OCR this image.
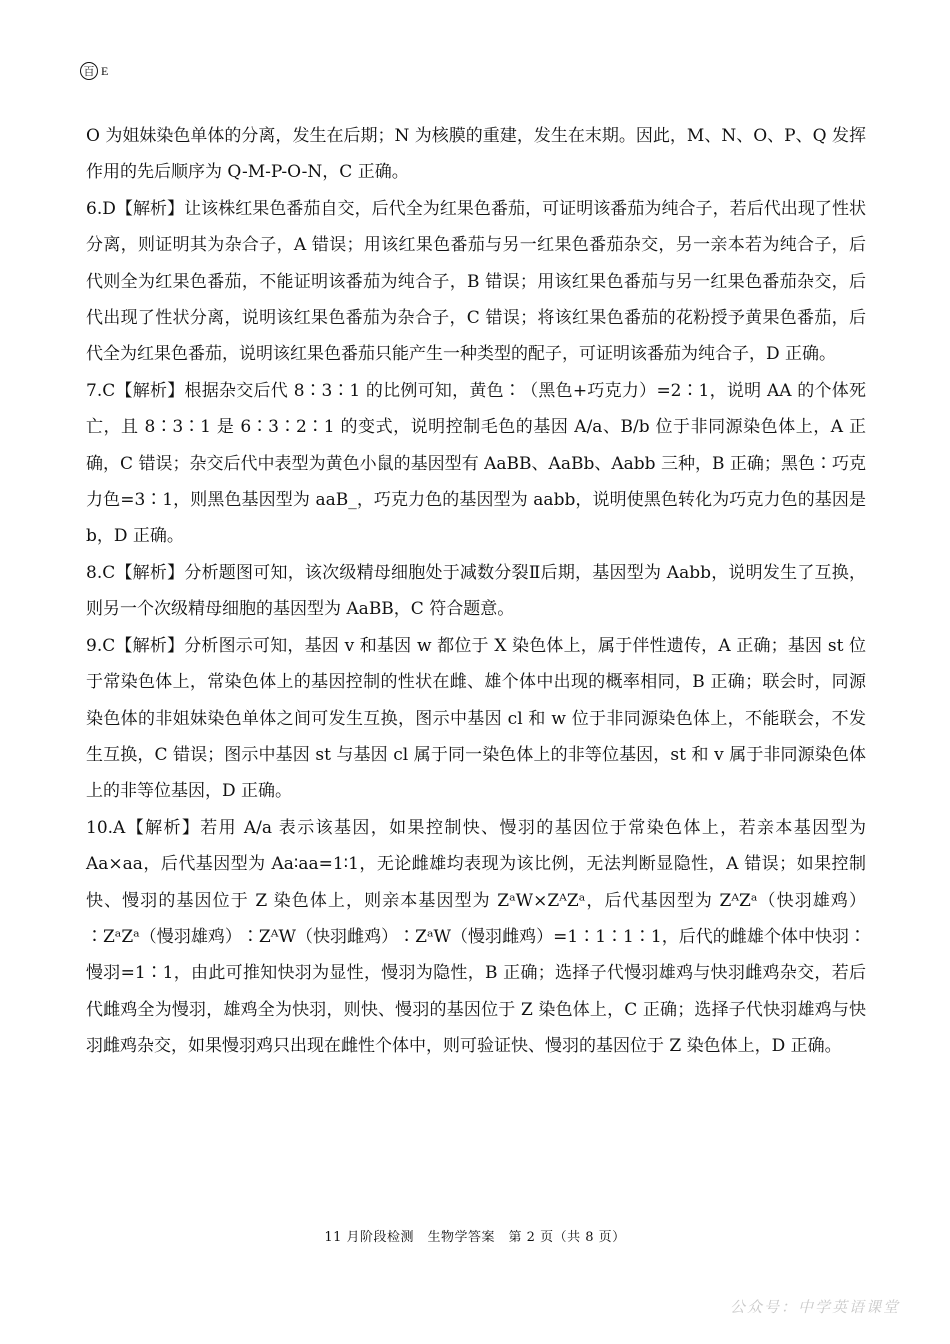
百 E

O 为姐妹染色单体的分离，发生在后期；N 为核膜的重建，发生在末期。因此，M、N、O、P、Q 发挥作用的先后顺序为 Q-M-P-O-N，C 正确。

6.D【解析】让该株红果色番茄自交，后代全为红果色番茄，可证明该番茄为纯合子，若后代出现了性状分离，则证明其为杂合子，A 错误；用该红果色番茄与另一红果色番茄杂交，另一亲本若为纯合子，后代则全为红果色番茄，不能证明该番茄为纯合子，B 错误；用该红果色番茄与另一红果色番茄杂交，后代出现了性状分离，说明该红果色番茄为杂合子，C 错误；将该红果色番茄的花粉授予黄果色番茄，后代全为红果色番茄，说明该红果色番茄只能产生一种类型的配子，可证明该番茄为纯合子，D 正确。

7.C【解析】根据杂交后代 8∶3∶1 的比例可知，黄色∶（黑色+巧克力）=2∶1，说明 AA 的个体死亡，且 8∶3∶1 是 6∶3∶2∶1 的变式，说明控制毛色的基因 A/a、B/b 位于非同源染色体上，A 正确，C 错误；杂交后代中表型为黄色小鼠的基因型有 AaBB、AaBb、Aabb 三种，B 正确；黑色∶巧克力色=3∶1，则黑色基因型为 aaB_，巧克力色的基因型为 aabb，说明使黑色转化为巧克力色的基因是 b，D 正确。

8.C【解析】分析题图可知，该次级精母细胞处于减数分裂Ⅱ后期，基因型为 Aabb，说明发生了互换，则另一个次级精母细胞的基因型为 AaBB，C 符合题意。

9.C【解析】分析图示可知，基因 v 和基因 w 都位于 X 染色体上，属于伴性遗传，A 正确；基因 st 位于常染色体上，常染色体上的基因控制的性状在雌、雄个体中出现的概率相同，B 正确；联会时，同源染色体的非姐妹染色单体之间可发生互换，图示中基因 cl 和 w 位于非同源染色体上，不能联会，不发生互换，C 错误；图示中基因 st 与基因 cl 属于同一染色体上的非等位基因，st 和 v 属于非同源染色体上的非等位基因，D 正确。

10.A【解析】若用 A/a 表示该基因，如果控制快、慢羽的基因位于常染色体上，若亲本基因型为 Aa×aa，后代基因型为 Aa∶aa=1∶1，无论雌雄均表现为该比例，无法判断显隐性，A 错误；如果控制快、慢羽的基因位于 Z 染色体上，则亲本基因型为 ZᵃW×ZᴬZᵃ，后代基因型为 ZᴬZᵃ（快羽雄鸡）∶ZᵃZᵃ（慢羽雄鸡）∶ZᴬW（快羽雌鸡）∶ZᵃW（慢羽雌鸡）=1∶1∶1∶1，后代的雌雄个体中快羽∶慢羽=1∶1，由此可推知快羽为显性，慢羽为隐性，B 正确；选择子代慢羽雄鸡与快羽雌鸡杂交，若后代雌鸡全为慢羽，雄鸡全为快羽，则快、慢羽的基因位于 Z 染色体上，C 正确；选择子代快羽雄鸡与快羽雌鸡杂交，如果慢羽鸡只出现在雌性个体中，则可验证快、慢羽的基因位于 Z 染色体上，D 正确。

11 月阶段检测　生物学答案　第 2 页（共 8 页）
公众号：中学英语课堂
